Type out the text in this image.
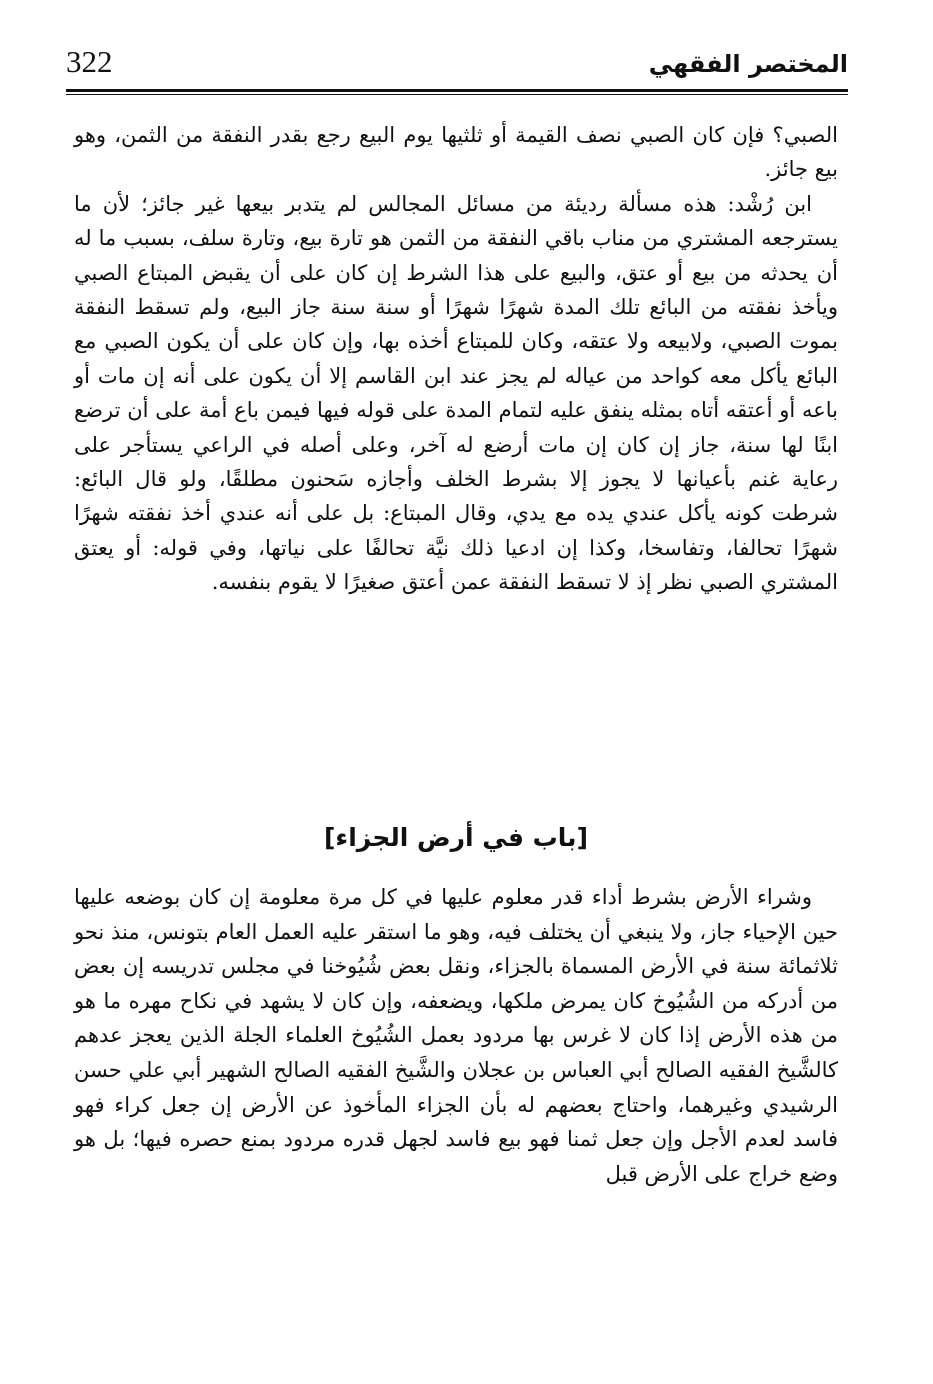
322	المختصر الفقهي

الصبي؟ فإن كان الصبي نصف القيمة أو ثلثيها يوم البيع رجع بقدر النفقة من الثمن، وهو بيع جائز.

ابن رُشْد: هذه مسألة رديئة من مسائل المجالس لم يتدبر بيعها غير جائز؛ لأن ما يسترجعه المشتري من مناب باقي النفقة من الثمن هو تارة بيع، وتارة سلف، بسبب ما له أن يحدثه من بيع أو عتق، والبيع على هذا الشرط إن كان على أن يقبض المبتاع الصبي ويأخذ نفقته من البائع تلك المدة شهرًا شهرًا أو سنة سنة جاز البيع، ولم تسقط النفقة بموت الصبي، ولابيعه ولا عتقه، وكان للمبتاع أخذه بها، وإن كان على أن يكون الصبي مع البائع يأكل معه كواحد من عياله لم يجز عند ابن القاسم إلا أن يكون على أنه إن مات أو باعه أو أعتقه أتاه بمثله ينفق عليه لتمام المدة على قوله فيها فيمن باع أمة على أن ترضع ابنًا لها سنة، جاز إن كان إن مات أرضع له آخر، وعلى أصله في الراعي يستأجر على رعاية غنم بأعيانها لا يجوز إلا بشرط الخلف وأجازه سَحنون مطلقًا، ولو قال البائع: شرطت كونه يأكل عندي يده مع يدي، وقال المبتاع: بل على أنه عندي أخذ نفقته شهرًا شهرًا تحالفا، وتفاسخا، وكذا إن ادعيا ذلك نيَّة تحالفًا على نياتها، وفي قوله: أو يعتق المشتري الصبي نظر إذ لا تسقط النفقة عمن أعتق صغيرًا لا يقوم بنفسه.

[باب في أرض الجزاء]

وشراء الأرض بشرط أداء قدر معلوم عليها في كل مرة معلومة إن كان بوضعه عليها حين الإحياء جاز، ولا ينبغي أن يختلف فيه، وهو ما استقر عليه العمل العام بتونس، منذ نحو ثلاثمائة سنة في الأرض المسماة بالجزاء، ونقل بعض شُيُوخنا في مجلس تدريسه إن بعض من أدركه من الشُيُوخ كان يمرض ملكها، ويضعفه، وإن كان لا يشهد في نكاح مهره ما هو من هذه الأرض إذا كان لا غرس بها مردود بعمل الشُيُوخ العلماء الجلة الذين يعجز عدهم كالشَّيخ الفقيه الصالح أبي العباس بن عجلان والشَّيخ الفقيه الصالح الشهير أبي علي حسن الرشيدي وغيرهما، واحتاج بعضهم له بأن الجزاء المأخوذ عن الأرض إن جعل كراء فهو فاسد لعدم الأجل وإن جعل ثمنا فهو بيع فاسد لجهل قدره مردود بمنع حصره فيها؛ بل هو وضع خراج على الأرض قبل
